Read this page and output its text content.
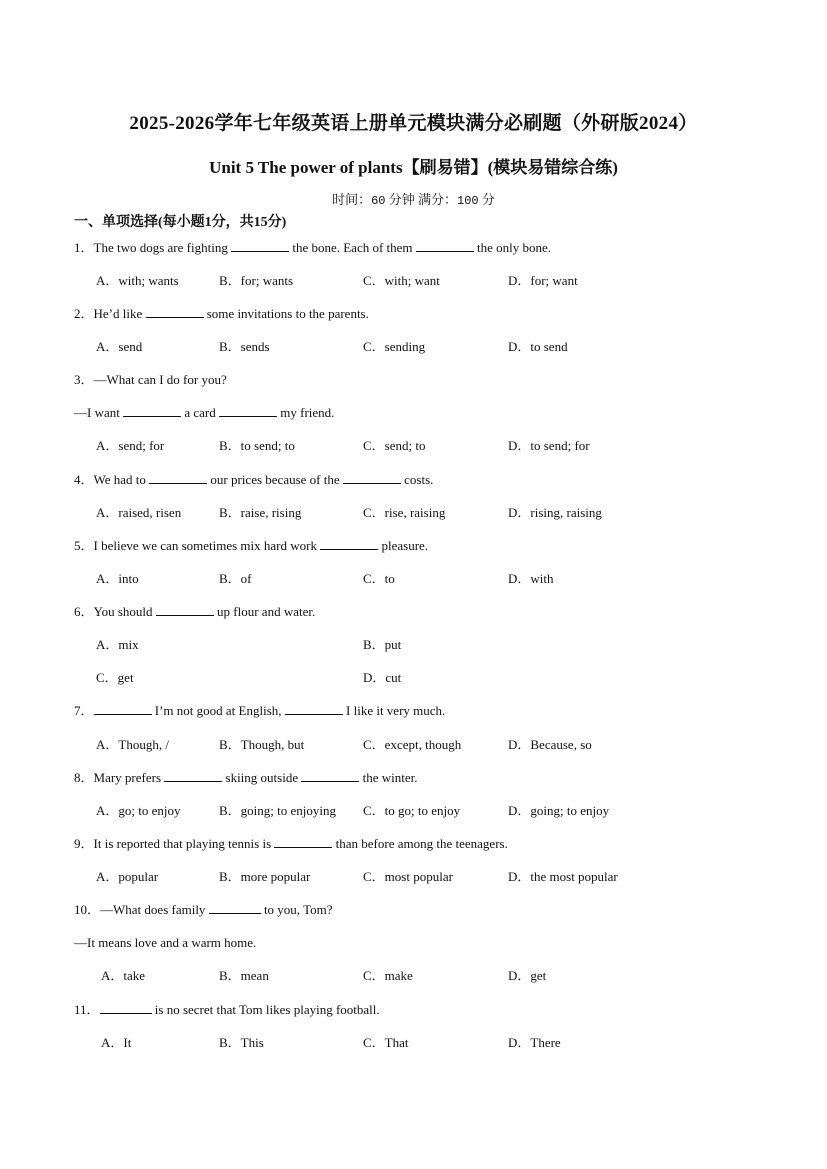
2025-2026学年七年级英语上册单元模块满分必刷题（外研版2024）
Unit 5 The power of plants【刷易错】(模块易错综合练)
时间：60 分钟 满分：100 分
一、单项选择(每小题1分，共15分)
1．The two dogs are fighting	the bone. Each of them	the only bone.
A．with; wants	B．for; wants	C．with; want	D．for; want
2．He’d like	some invitations to the parents.
A．send	B．sends	C．sending	D．to send
3．—What can I do for you?
—I want	a card	my friend.
A．send; for	B．to send; to	C．send; to	D．to send; for
4．We had to	our prices because of the	costs.
A．raised, risen	B．raise, rising	C．rise, raising	D．rising, raising
5．I believe we can sometimes mix hard work	pleasure.
A．into	B．of	C．to	D．with
6．You should	up flour and water.
A．mix	B．put
C．get	D．cut
7．	I’m not good at English,	I like it very much.
A．Though, /	B．Though, but	C．except, though	D．Because, so
8．Mary prefers	skiing outside	the winter.
A．go; to enjoy	B．going; to enjoying C．to go; to enjoy	D．going; to enjoy
9．It is reported that playing tennis is	than before among the teenagers.
A．popular	B．more popular	C．most popular	D．the most popular
10．—What does family	to you, Tom?
—It means love and a warm home.
A．take	B．mean	C．make	D．get
11．	is no secret that Tom likes playing football.
A．It	B．This	C．That	D．There
